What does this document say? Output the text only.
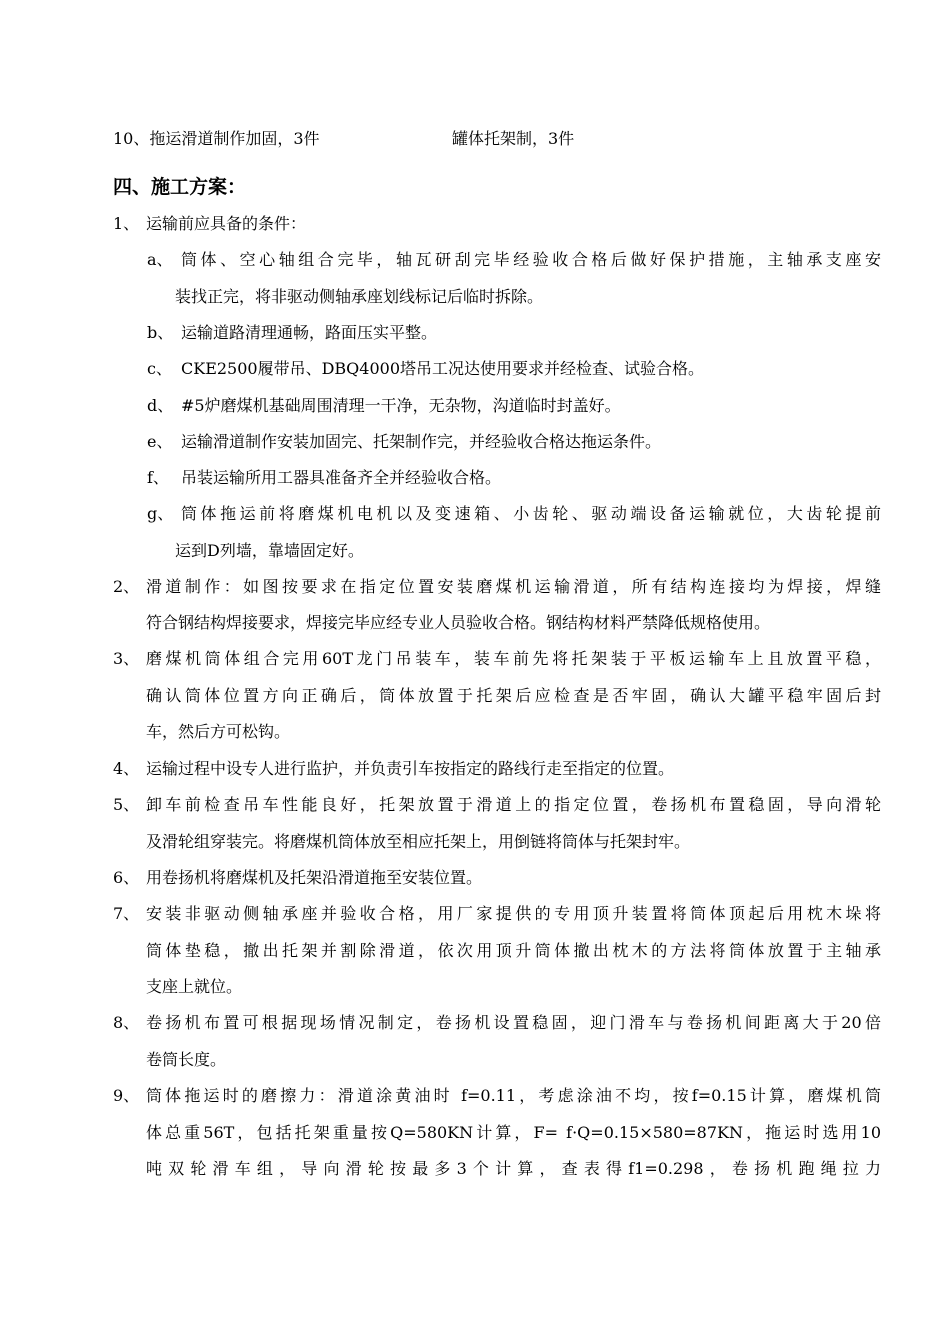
10、拖运滑道制作加固，3件	罐体托架制，3件
四、施工方案：
1、 运输前应具备的条件：
a、 筒体、空心轴组合完毕，轴瓦研刮完毕经验收合格后做好保护措施，主轴承支座安
装找正完，将非驱动侧轴承座划线标记后临时拆除。
b、 运输道路清理通畅，路面压实平整。
c、 CKE2500履带吊、DBQ4000塔吊工况达使用要求并经检查、试验合格。
d、 #5炉磨煤机基础周围清理一干净，无杂物，沟道临时封盖好。
e、 运输滑道制作安装加固完、托架制作完，并经验收合格达拖运条件。
f、 吊装运输所用工器具准备齐全并经验收合格。
g、 筒体拖运前将磨煤机电机以及变速箱、小齿轮、驱动端设备运输就位，大齿轮提前
运到D列墙，靠墙固定好。
2、 滑道制作：如图按要求在指定位置安装磨煤机运输滑道，所有结构连接均为焊接，焊缝
符合钢结构焊接要求，焊接完毕应经专业人员验收合格。钢结构材料严禁降低规格使用。
3、 磨煤机筒体组合完用60T龙门吊装车，装车前先将托架装于平板运输车上且放置平稳，
确认筒体位置方向正确后，筒体放置于托架后应检查是否牢固，确认大罐平稳牢固后封
车，然后方可松钩。
4、 运输过程中设专人进行监护，并负责引车按指定的路线行走至指定的位置。
5、 卸车前检查吊车性能良好，托架放置于滑道上的指定位置，卷扬机布置稳固，导向滑轮
及滑轮组穿装完。将磨煤机筒体放至相应托架上，用倒链将筒体与托架封牢。
6、 用卷扬机将磨煤机及托架沿滑道拖至安装位置。
7、 安装非驱动侧轴承座并验收合格，用厂家提供的专用顶升装置将筒体顶起后用枕木垛将
筒体垫稳，撤出托架并割除滑道，依次用顶升筒体撤出枕木的方法将筒体放置于主轴承
支座上就位。
8、 卷扬机布置可根据现场情况制定，卷扬机设置稳固，迎门滑车与卷扬机间距离大于20倍
卷筒长度。
9、 筒体拖运时的磨擦力：滑道涂黄油时 f=0.11，考虑涂油不均，按f=0.15计算，磨煤机筒
体总重56T，包括托架重量按Q=580KN计算，F= f·Q=0.15×580=87KN，拖运时选用10
吨双轮滑车组，导向滑轮按最多3个计算，查表得f1=0.298，卷扬机跑绳拉力
